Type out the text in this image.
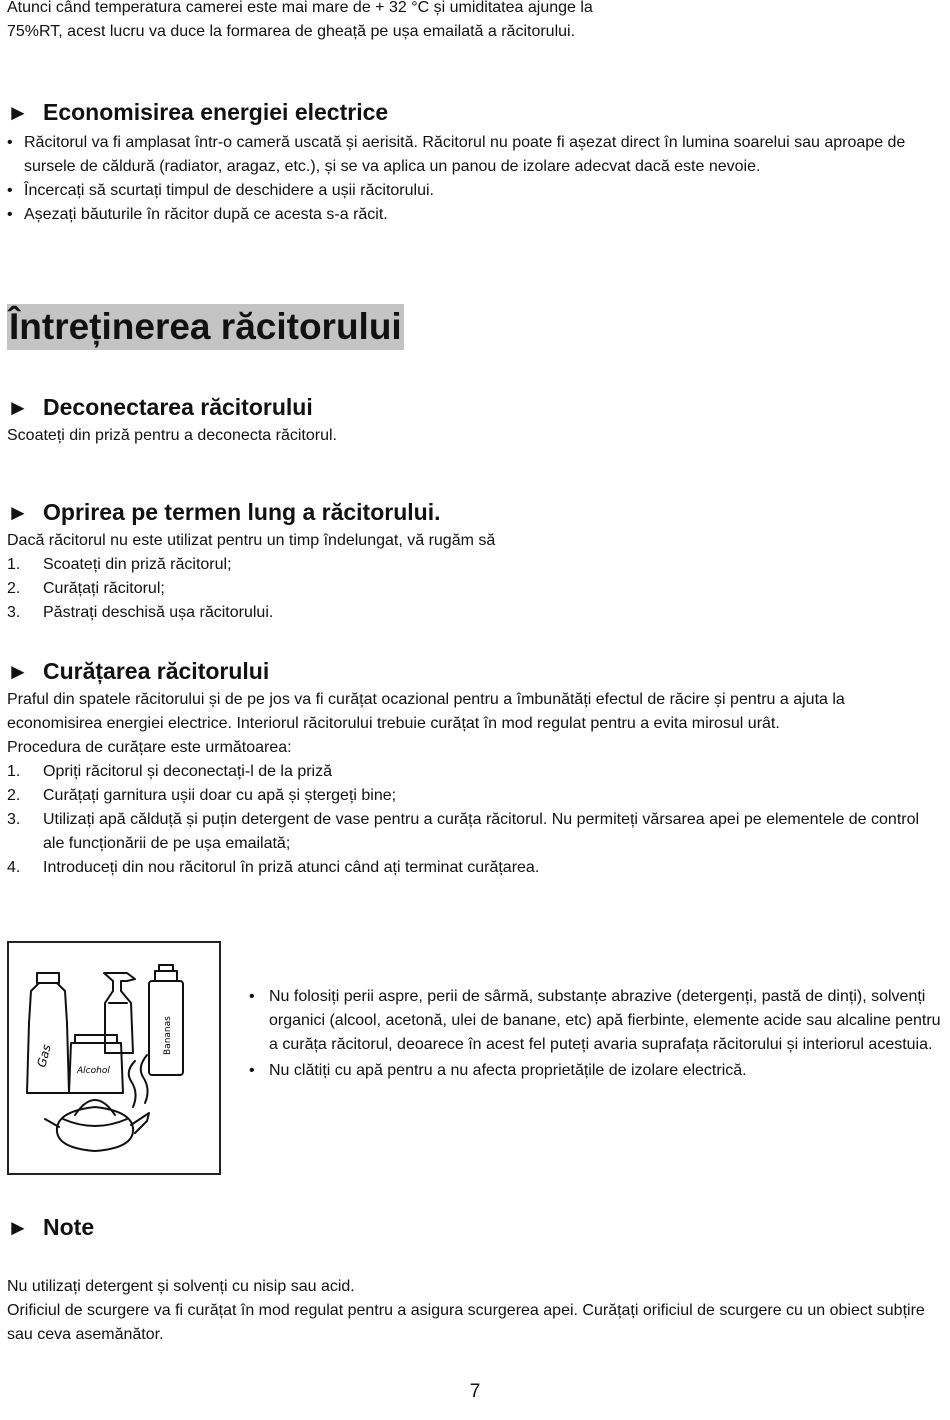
Atunci când temperatura camerei este mai mare de + 32 °C și umiditatea ajunge la

75%RT, acest lucru va duce la formarea de gheață pe ușa emailată a răcitorului.

► Economisirea energiei electrice

• Răcitorul va fi amplasat într-o cameră uscată și aerisită. Răcitorul nu poate fi așezat direct în lumina soarelui sau aproape de sursele de căldură (radiator, aragaz, etc.), și se va aplica un panou de izolare adecvat dacă este nevoie.

• Încercați să scurtați timpul de deschidere a ușii răcitorului.

• Așezați băuturile în răcitor după ce acesta s-a răcit.

Întreținerea răcitorului
► Deconectarea răcitorului

Scoateți din priză pentru a deconecta răcitorul.

► Oprirea pe termen lung a răcitorului.

Dacă răcitorul nu este utilizat pentru un timp îndelungat, vă rugăm să

1. Scoateți din priză răcitorul;
2. Curățați răcitorul;
3. Păstrați deschisă ușa răcitorului.
► Curățarea răcitorului

Praful din spatele răcitorului și de pe jos va fi curățat ocazional pentru a îmbunătăți efectul de răcire și pentru a ajuta la economisirea energiei electrice. Interiorul răcitorului trebuie curățat în mod regulat pentru a evita mirosul urât.

Procedura de curățare este următoarea:

1. Opriți răcitorul și deconectați-l de la priză
2. Curățați garnitura ușii doar cu apă și ștergeți bine;
3. Utilizați apă călduță și puțin detergent de vase pentru a curăța răcitorul. Nu permiteți vărsarea apei pe elementele de control ale funcționării de pe ușa emailată;
4. Introduceți din nou răcitorul în priză atunci când ați terminat curățarea.
Gas
Alcohol
Bananas

• Nu folosiți perii aspre, perii de sârmă, substanțe abrazive (detergenți, pastă de dinți), solvenți organici (alcool, acetonă, ulei de banane, etc) apă fierbinte, elemente acide sau alcaline pentru a curăța răcitorul, deoarece în acest fel puteți avaria suprafața răcitorului și interiorul acestuia.

• Nu clătiți cu apă pentru a nu afecta proprietățile de izolare electrică.

► Note

Nu utilizați detergent și solvenți cu nisip sau acid.

Orificiul de scurgere va fi curățat în mod regulat pentru a asigura scurgerea apei. Curățați orificiul de scurgere cu un obiect subțire sau ceva asemănător.

7
